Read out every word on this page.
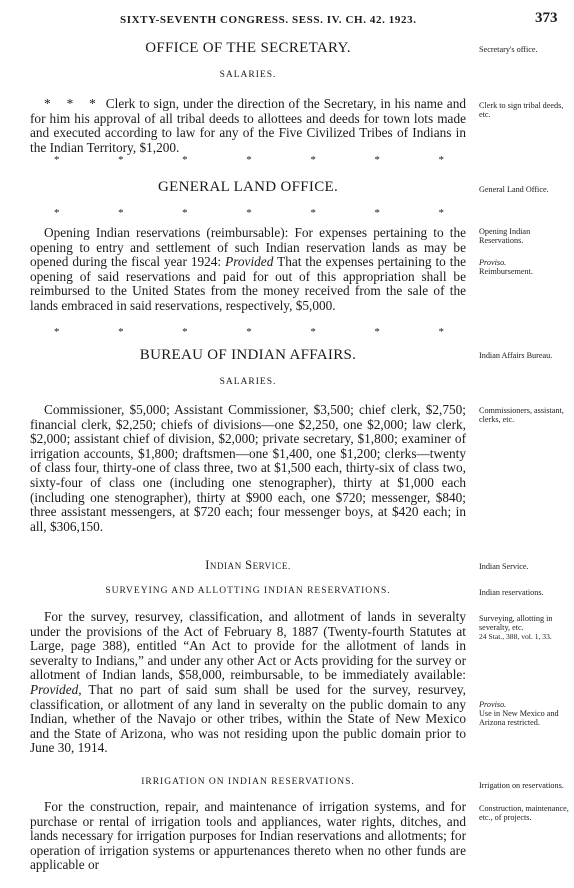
SIXTY-SEVENTH CONGRESS. SESS. IV. CH. 42. 1923.	373
OFFICE OF THE SECRETARY.	Secretary's office.
SALARIES.

* * * Clerk to sign, under the direction of the Secretary, in his name and for him his approval of all tribal deeds to allottees and deeds for town lots made and executed according to law for any of the Five Civilized Tribes of Indians in the Indian Territory, $1,200.

Clerk to sign tribal deeds, etc.
*	*	*	*	*	*	*
GENERAL LAND OFFICE.	General Land Office.
*	*	*	*	*	*	*

Opening Indian reservations (reimbursable): For expenses pertaining to the opening to entry and settlement of such Indian reservation lands as may be opened during the fiscal year 1924: Provided That the expenses pertaining to the opening of said reservations and paid for out of this appropriation shall be reimbursed to the United States from the money received from the sale of the lands embraced in said reservations, respectively, $5,000.

Opening Indian Reservations.
Proviso.
Reimbursement.
*	*	*	*	*	*	*
BUREAU OF INDIAN AFFAIRS.	Indian Affairs Bureau.
SALARIES.

Commissioner, $5,000; Assistant Commissioner, $3,500; chief clerk, $2,750; financial clerk, $2,250; chiefs of divisions—one $2,250, one $2,000; law clerk, $2,000; assistant chief of division, $2,000; private secretary, $1,800; examiner of irrigation accounts, $1,800; draftsmen—one $1,400, one $1,200; clerks—twenty of class four, thirty-one of class three, two at $1,500 each, thirty-six of class two, sixty-four of class one (including one stenographer), thirty at $1,000 each (including one stenographer), thirty at $900 each, one $720; messenger, $840; three assistant messengers, at $720 each; four messenger boys, at $420 each; in all, $306,150.

Commissioners, assistant, clerks, etc.
INDIAN SERVICE.	Indian Service.
SURVEYING AND ALLOTTING INDIAN RESERVATIONS.	Indian reservations.

For the survey, resurvey, classification, and allotment of lands in severalty under the provisions of the Act of February 8, 1887 (Twenty-fourth Statutes at Large, page 388), entitled “An Act to provide for the allotment of lands in severalty to Indians,” and under any other Act or Acts providing for the survey or allotment of Indian lands, $58,000, reimbursable, to be immediately available: Provided, That no part of said sum shall be used for the survey, resurvey, classification, or allotment of any land in severalty on the public domain to any Indian, whether of the Navajo or other tribes, within the State of New Mexico and the State of Arizona, who was not residing upon the public domain prior to June 30, 1914.

Surveying, allotting in severalty, etc.
24 Stat., 388, vol. 1, 33.
Proviso.
Use in New Mexico and Arizona restricted.
IRRIGATION ON INDIAN RESERVATIONS.	Irrigation on reservations.

For the construction, repair, and maintenance of irrigation systems, and for purchase or rental of irrigation tools and appliances, water rights, ditches, and lands necessary for irrigation purposes for Indian reservations and allotments; for operation of irrigation systems or appurtenances thereto when no other funds are applicable or

Construction, maintenance, etc., of projects.
